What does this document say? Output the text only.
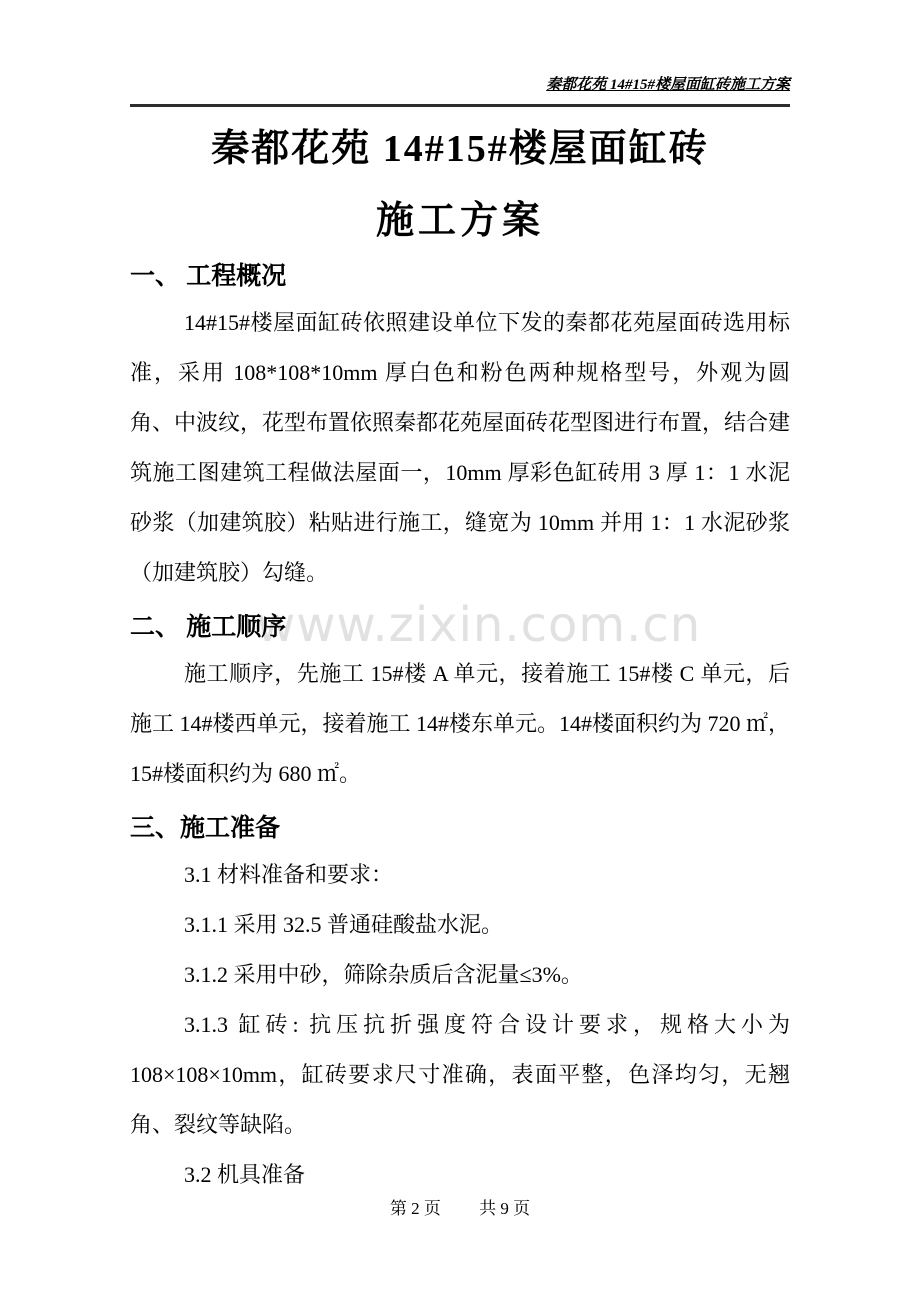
秦都花苑 14#15#楼屋面缸砖施工方案
www.zixin.com.cn
秦都花苑 14#15#楼屋面缸砖
施工方案
一、 工程概况

14#15#楼屋面缸砖依照建设单位下发的秦都花苑屋面砖选用标准，采用 108*108*10mm 厚白色和粉色两种规格型号，外观为圆角、中波纹，花型布置依照秦都花苑屋面砖花型图进行布置，结合建筑施工图建筑工程做法屋面一，10mm 厚彩色缸砖用 3 厚 1：1 水泥砂浆（加建筑胶）粘贴进行施工，缝宽为 10mm 并用 1：1 水泥砂浆（加建筑胶）勾缝。

二、 施工顺序

施工顺序，先施工 15#楼 A 单元，接着施工 15#楼 C 单元，后施工 14#楼西单元，接着施工 14#楼东单元。14#楼面积约为 720 ㎡，15#楼面积约为 680 ㎡。

三、施工准备

3.1 材料准备和要求：

3.1.1 采用 32.5 普通硅酸盐水泥。

3.1.2 采用中砂，筛除杂质后含泥量≤3%。

3.1.3 缸砖: 抗压抗折强度符合设计要求，规格大小为 108×108×10mm，缸砖要求尺寸准确，表面平整，色泽均匀，无翘角、裂纹等缺陷。

3.2 机具准备

第 2 页 共 9 页
